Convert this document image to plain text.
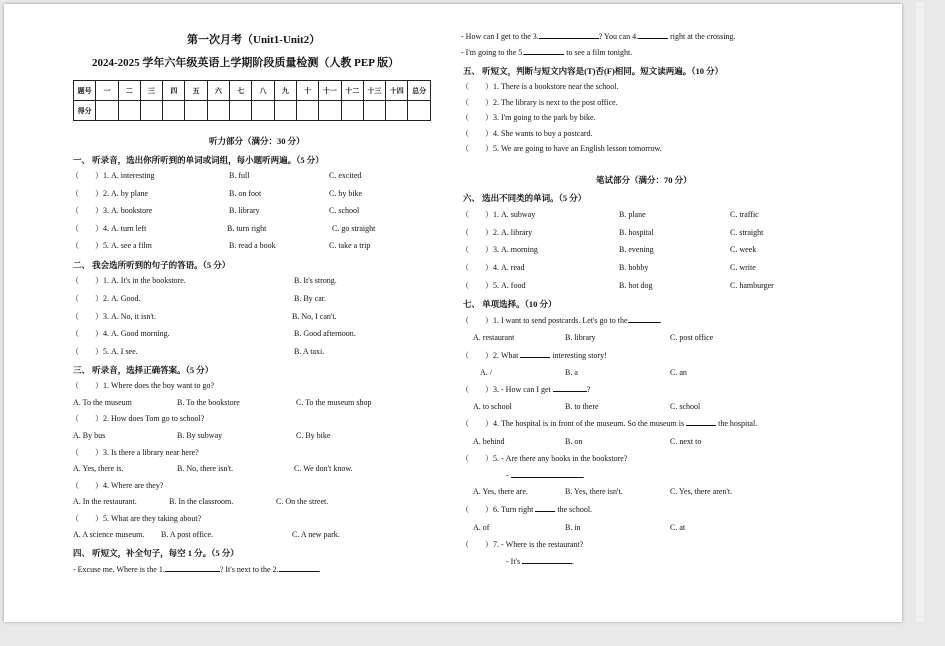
第一次月考（Unit1-Unit2）
2024-2025 学年六年级英语上学期阶段质量检测（人教 PEP 版）
题号	一	二	三	四	五	六	七	八	九	十	十一	十二	十三	十四	总分
得分															
听力部分（满分：30 分）
一、 听录音，选出你所听到的单词或词组，每小题听两遍。（5 分）
（　　）1. A. interesting	B. full	C. excited
（　　）2. A. by plane	B. on foot	C. by bike
（　　）3. A. bookstore	B. library	C. school
（　　）4. A. turn left	B. turn right	C. go straight
（　　）5. A. see a film	B. read a book	C. take a trip
二、 我会选所听到的句子的答语。（5 分）
（　　）1. A. It's in the bookstore.	B. It's strong.
（　　）2. A. Good.	B. By car.
（　　）3. A. No, it isn't.	B. No, I can't.
（　　）4. A. Good morning.	B. Good afternoon.
（　　）5. A. I see.	B. A taxi.
三、 听录音，选择正确答案。（5 分）
（　　）1. Where does the boy want to go?
A. To the museum	B. To the bookstore	C. To the museum shop
（　　）2. How does Tom go to school?
A. By bus	B. By subway	C. By bike
（　　）3. Is there a library near here?
A. Yes, there is.	B. No, there isn't.	C. We don't know.
（　　）4. Where are they?
A. In the restaurant.	B. In the classroom.	C. On the street.
（　　）5. What are they taking about?
A. A science museum. B. A post office.	C. A new park.
四、 听短文，补全句子，每空 1 分。（5 分）
- Excuse me. Where is the 1.	? It's next to the 2.	.
- How can I get to the 3.	? You can 4.	right at the crossing.
- I'm going to the 5.	to see a film tonight.
五、 听短文，判断与短文内容是(T)否(F)相同。短文读两遍。（10 分）
（　　）1. There is a bookstore near the school.
（　　）2. The library is next to the post office.
（　　）3. I'm going to the park by bike.
（　　）4. She wants to buy a postcard.
（　　）5. We are going to have an English lesson tomorrow.
笔试部分（满分：70 分）
六、 选出不同类的单词。（5 分）
（　　）1. A. subway	B. plane	C. traffic
（　　）2. A. library	B. hospital	C. straight
（　　）3. A. morning	B. evening	C. week
（　　）4. A. read	B. hobby	C. write
（　　）5. A. food	B. hot dog	C. hamburger
七、 单项选择。（10 分）
（　　）1. I want to send postcards. Let's go to the	.
A. restaurant	B. library	C. post office
（　　）2. What	interesting story!
A. /	B. a	C. an
（　　）3. - How can I get	?
A. to school	B. to there	C. school
（　　）4. The hospital is in front of the museum. So the museum is	the hospital.
A. behind	B. on	C. next to
（　　）5. - Are there any books in the bookstore?
-	.
A. Yes, there are.	B. Yes, there isn't.	C. Yes, there aren't.
（　　）6. Turn right	the school.
A. of	B. in	C. at
（　　）7. - Where is the restaurant?
- It's	.
